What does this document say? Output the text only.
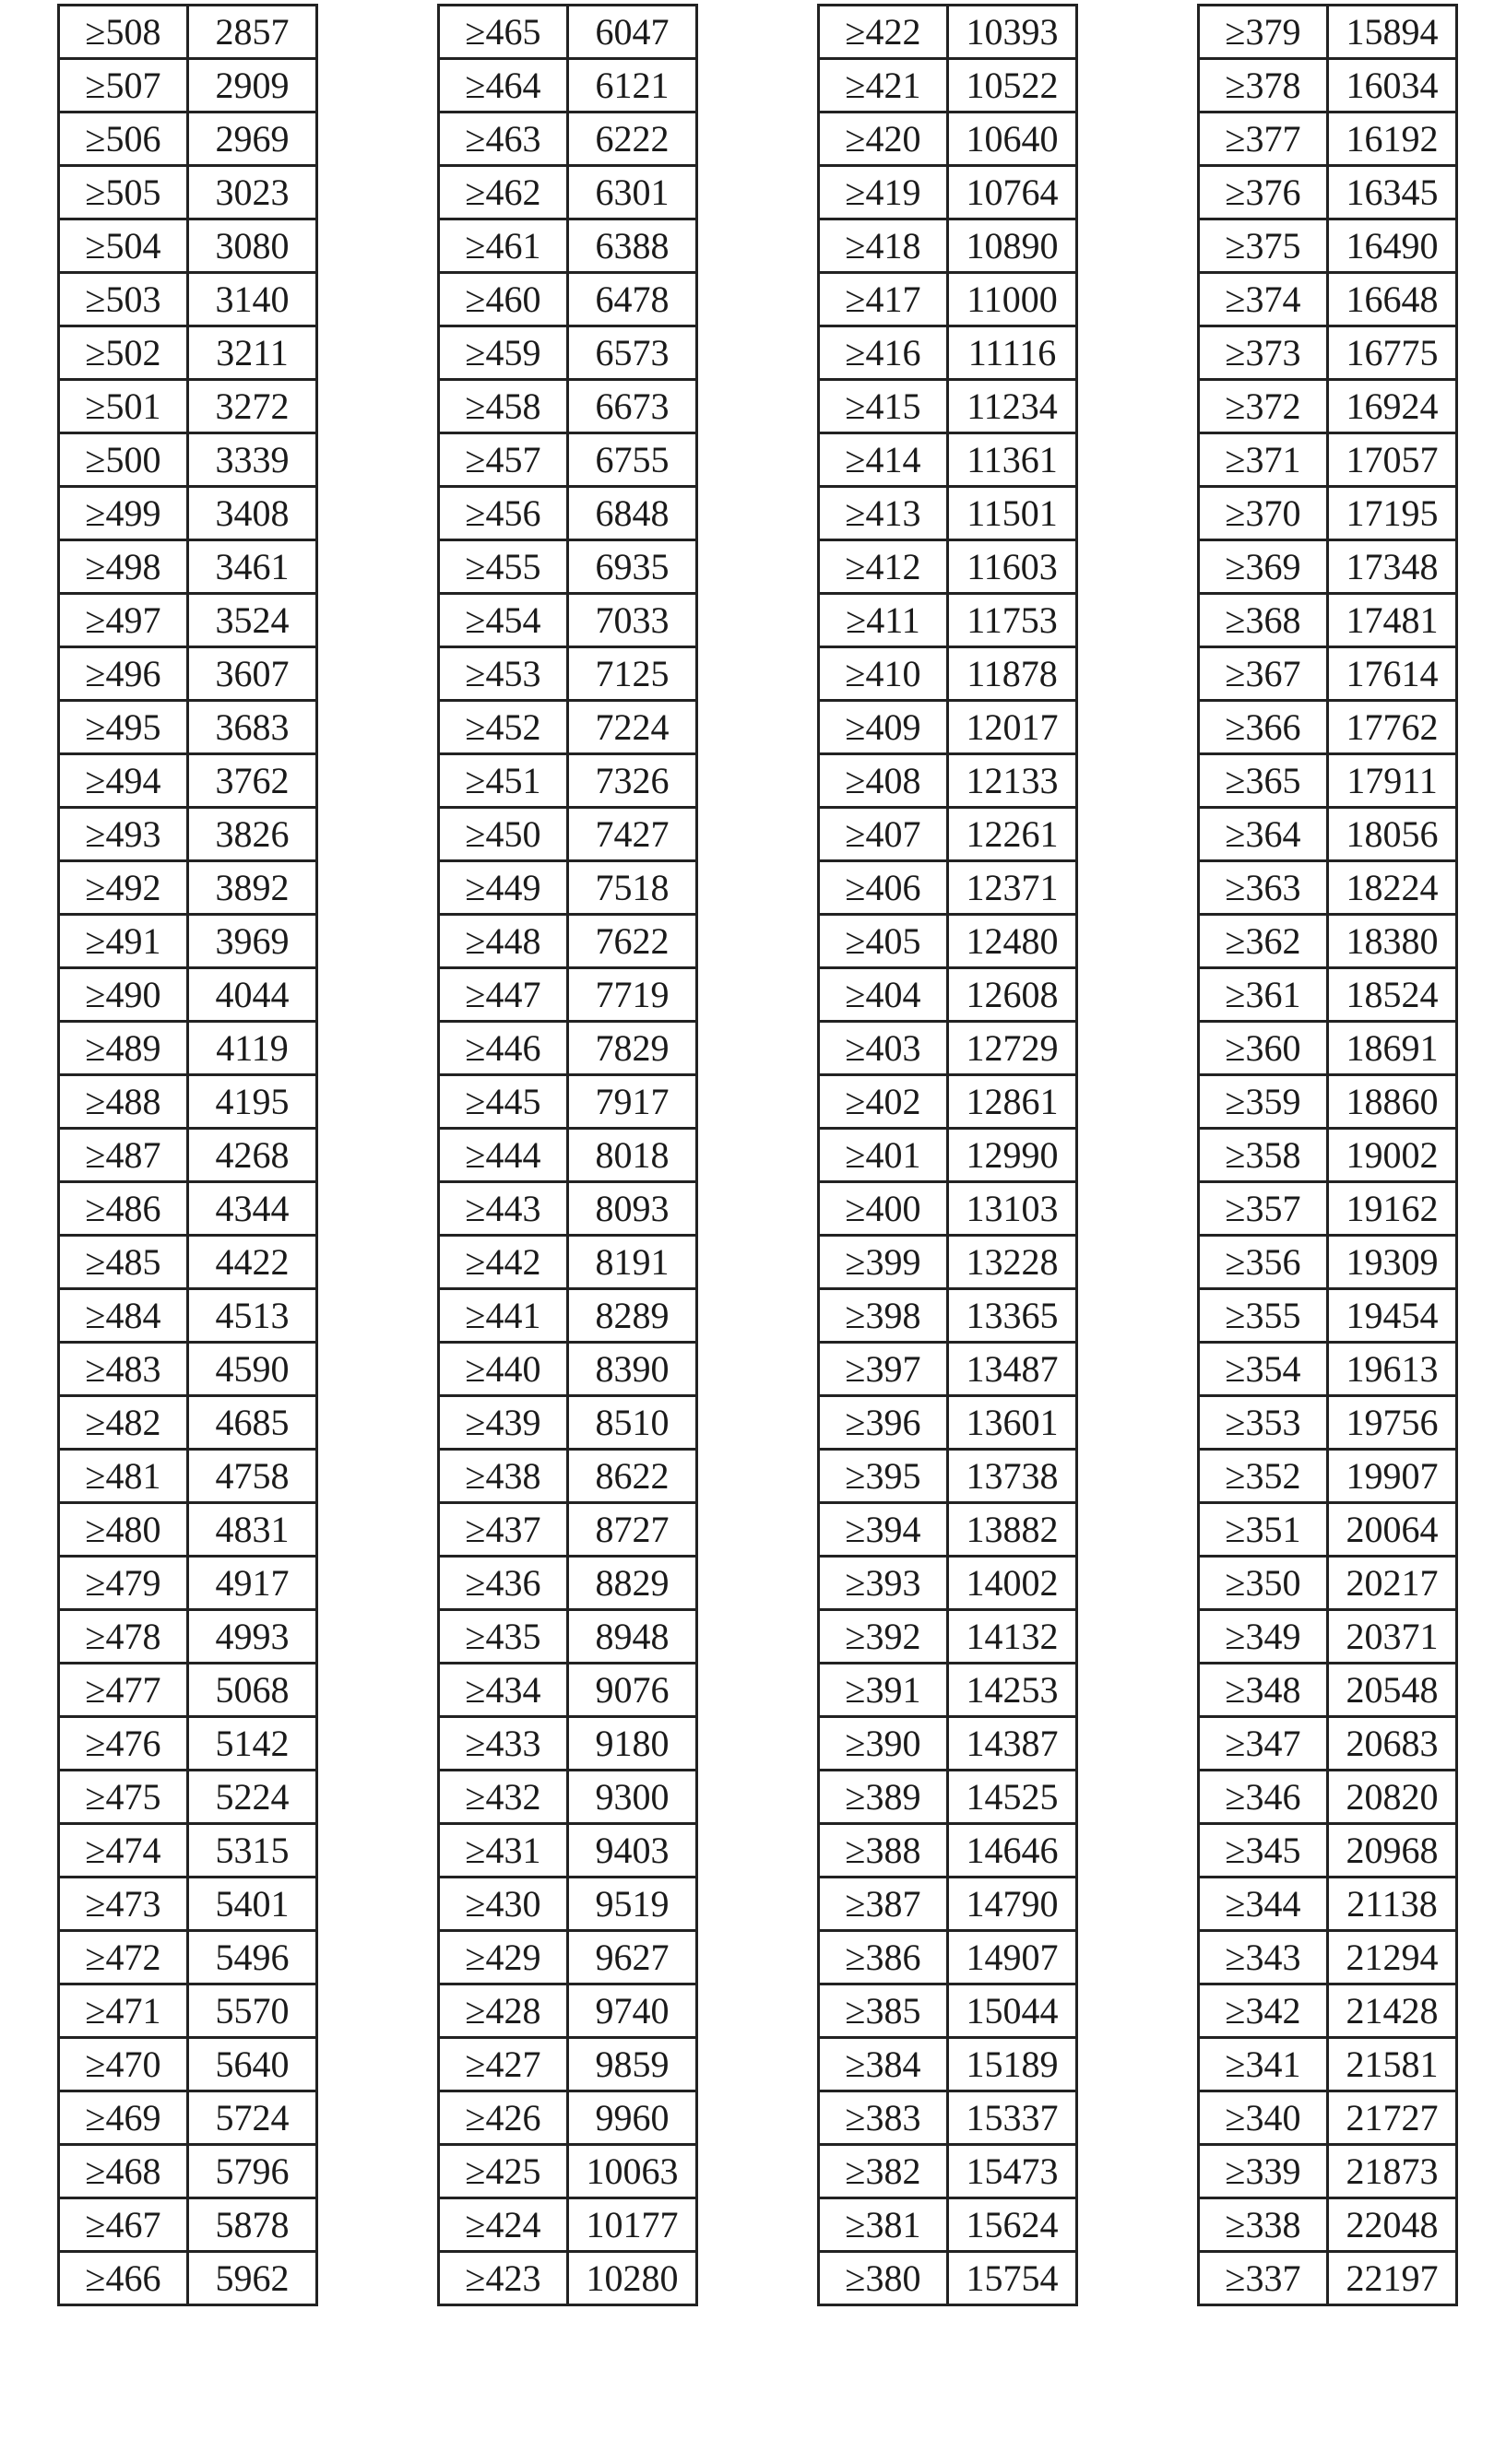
≥508	2857
≥507	2909
≥506	2969
≥505	3023
≥504	3080
≥503	3140
≥502	3211
≥501	3272
≥500	3339
≥499	3408
≥498	3461
≥497	3524
≥496	3607
≥495	3683
≥494	3762
≥493	3826
≥492	3892
≥491	3969
≥490	4044
≥489	4119
≥488	4195
≥487	4268
≥486	4344
≥485	4422
≥484	4513
≥483	4590
≥482	4685
≥481	4758
≥480	4831
≥479	4917
≥478	4993
≥477	5068
≥476	5142
≥475	5224
≥474	5315
≥473	5401
≥472	5496
≥471	5570
≥470	5640
≥469	5724
≥468	5796
≥467	5878
≥466	5962
≥465	6047
≥464	6121
≥463	6222
≥462	6301
≥461	6388
≥460	6478
≥459	6573
≥458	6673
≥457	6755
≥456	6848
≥455	6935
≥454	7033
≥453	7125
≥452	7224
≥451	7326
≥450	7427
≥449	7518
≥448	7622
≥447	7719
≥446	7829
≥445	7917
≥444	8018
≥443	8093
≥442	8191
≥441	8289
≥440	8390
≥439	8510
≥438	8622
≥437	8727
≥436	8829
≥435	8948
≥434	9076
≥433	9180
≥432	9300
≥431	9403
≥430	9519
≥429	9627
≥428	9740
≥427	9859
≥426	9960
≥425	10063
≥424	10177
≥423	10280
≥422	10393
≥421	10522
≥420	10640
≥419	10764
≥418	10890
≥417	11000
≥416	11116
≥415	11234
≥414	11361
≥413	11501
≥412	11603
≥411	11753
≥410	11878
≥409	12017
≥408	12133
≥407	12261
≥406	12371
≥405	12480
≥404	12608
≥403	12729
≥402	12861
≥401	12990
≥400	13103
≥399	13228
≥398	13365
≥397	13487
≥396	13601
≥395	13738
≥394	13882
≥393	14002
≥392	14132
≥391	14253
≥390	14387
≥389	14525
≥388	14646
≥387	14790
≥386	14907
≥385	15044
≥384	15189
≥383	15337
≥382	15473
≥381	15624
≥380	15754
≥379	15894
≥378	16034
≥377	16192
≥376	16345
≥375	16490
≥374	16648
≥373	16775
≥372	16924
≥371	17057
≥370	17195
≥369	17348
≥368	17481
≥367	17614
≥366	17762
≥365	17911
≥364	18056
≥363	18224
≥362	18380
≥361	18524
≥360	18691
≥359	18860
≥358	19002
≥357	19162
≥356	19309
≥355	19454
≥354	19613
≥353	19756
≥352	19907
≥351	20064
≥350	20217
≥349	20371
≥348	20548
≥347	20683
≥346	20820
≥345	20968
≥344	21138
≥343	21294
≥342	21428
≥341	21581
≥340	21727
≥339	21873
≥338	22048
≥337	22197
